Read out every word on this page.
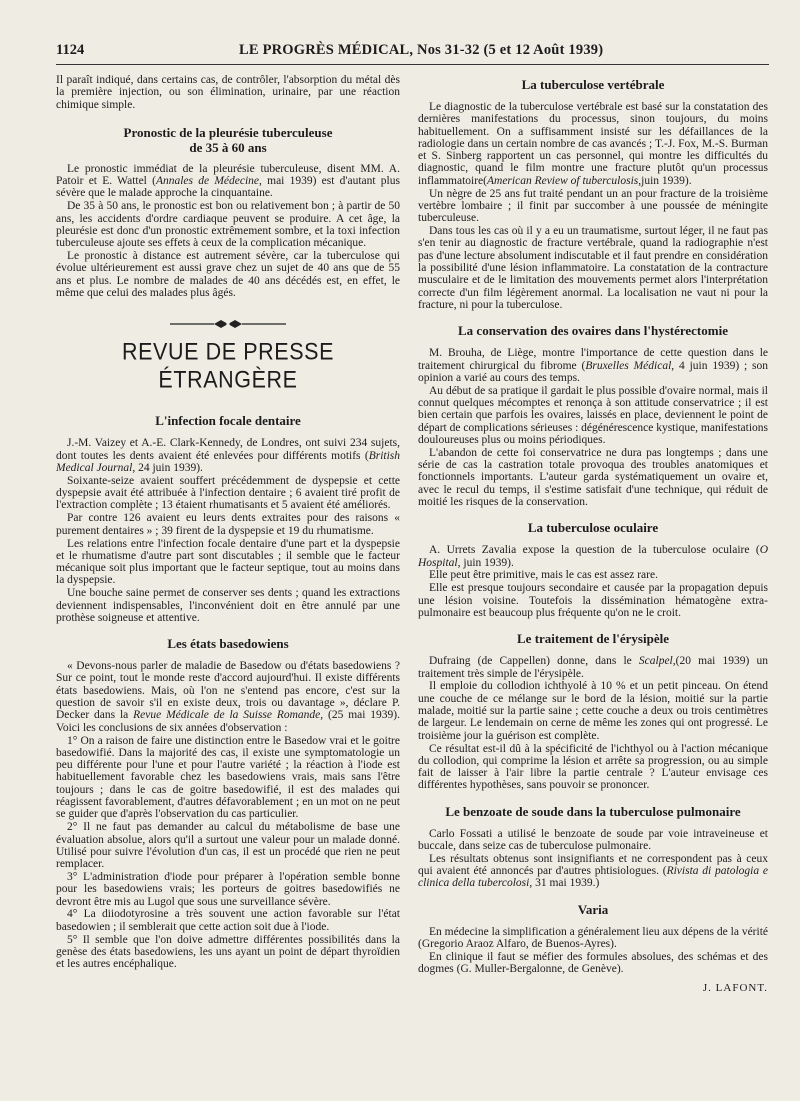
1124	LE PROGRÈS MÉDICAL, Nos 31-32 (5 et 12 Août 1939)

Il paraît indiqué, dans certains cas, de contrôler, l'absorption du métal dès la première injection, ou son élimination, urinaire, par une réaction chimique simple.

Pronostic de la pleurésie tuberculeuse
de 35 à 60 ans

Le pronostic immédiat de la pleurésie tuberculeuse, disent MM. A. Patoir et E. Wattel (Annales de Médecine, mai 1939) est d'autant plus sévère que le malade approche la cinquantaine.

De 35 à 50 ans, le pronostic est bon ou relativement bon ; à partir de 50 ans, les accidents d'ordre cardiaque peuvent se produire. A cet âge, la pleurésie est donc d'un pronostic extrêmement sombre, et la toxi infection tuberculeuse ajoute ses effets à ceux de la complication mécanique.

Le pronostic à distance est autrement sévère, car la tuberculose qui évolue ultérieurement est aussi grave chez un sujet de 40 ans que de 55 ans et plus. Le nombre de malades de 40 ans décédés est, en effet, le même que celui des malades plus âgés.

REVUE DE PRESSE ÉTRANGÈRE
L'infection focale dentaire

J.-M. Vaizey et A.-E. Clark-Kennedy, de Londres, ont suivi 234 sujets, dont toutes les dents avaient été enlevées pour différents motifs (British Medical Journal, 24 juin 1939).

Soixante-seize avaient souffert précédemment de dyspepsie et cette dyspepsie avait été attribuée à l'infection dentaire ; 6 avaient tiré profit de l'extraction complète ; 13 étaient rhumatisants et 5 avaient été améliorés.

Par contre 126 avaient eu leurs dents extraites pour des raisons « purement dentaires » ; 39 firent de la dyspepsie et 19 du rhumatisme.

Les relations entre l'infection focale dentaire d'une part et la dyspepsie et le rhumatisme d'autre part sont discutables ; il semble que le facteur mécanique soit plus important que le facteur septique, tout au moins dans la dyspepsie.

Une bouche saine permet de conserver ses dents ; quand les extractions deviennent indispensables, l'inconvénient doit en être annulé par une prothèse soigneuse et attentive.

Les états basedowiens

« Devons-nous parler de maladie de Basedow ou d'états basedowiens ? Sur ce point, tout le monde reste d'accord aujourd'hui. Il existe différents états basedowiens. Mais, où l'on ne s'entend pas encore, c'est sur la question de savoir s'il en existe deux, trois ou davantage », déclare P. Decker dans la Revue Médicale de la Suisse Romande, (25 mai 1939). Voici les conclusions de six années d'observation :

1° On a raison de faire une distinction entre le Basedow vrai et le goitre basedowifié. Dans la majorité des cas, il existe une symptomatologie un peu différente pour l'une et pour l'autre variété ; la réaction à l'iode est habituellement favorable chez les basedowiens vrais, mais sans l'être toujours ; dans le cas de goitre basedowifié, il est des malades qui réagissent favorablement, d'autres défavorablement ; en un mot on ne peut se guider que d'après l'observation du cas particulier.

2° Il ne faut pas demander au calcul du métabolisme de base une évaluation absolue, alors qu'il a surtout une valeur pour un malade donné. Utilisé pour suivre l'évolution d'un cas, il est un procédé que rien ne peut remplacer.

3° L'administration d'iode pour préparer à l'opération semble bonne pour les basedowiens vrais; les porteurs de goitres basedowifiés ne devront être mis au Lugol que sous une surveillance sévère.

4° La diiodotyrosine a très souvent une action favorable sur l'état basedowien ; il semblerait que cette action soit due à l'iode.

5° Il semble que l'on doive admettre différentes possibilités dans la genèse des états basedowiens, les uns ayant un point de départ thyroïdien et les autres encéphalique.

La tuberculose vertébrale

Le diagnostic de la tuberculose vertébrale est basé sur la constatation des dernières manifestations du processus, sinon toujours, du moins habituellement. On a suffisamment insisté sur les défaillances de la radiologie dans un certain nombre de cas avancés ; T.-J. Fox, M.-S. Burman et S. Sinberg rapportent un cas personnel, qui montre les difficultés du diagnostic, quand le film montre une fracture plutôt qu'un processus inflammatoire(American Review of tuberculosis,juin 1939).

Un nègre de 25 ans fut traité pendant un an pour fracture de la troisième vertèbre lombaire ; il finit par succomber à une poussée de méningite tuberculeuse.

Dans tous les cas où il y a eu un traumatisme, surtout léger, il ne faut pas s'en tenir au diagnostic de fracture vertébrale, quand la radiographie n'est pas d'une lecture absolument indiscutable et il faut prendre en considération la possibilité d'une lésion inflammatoire. La constatation de la contracture musculaire et de le limitation des mouvements permet alors l'interprétation correcte d'un film légèrement anormal. La localisation ne vaut ni pour la fracture, ni pour la tuberculose.

La conservation des ovaires dans l'hystérectomie

M. Brouha, de Liège, montre l'importance de cette question dans le traitement chirurgical du fibrome (Bruxelles Médical, 4 juin 1939) ; son opinion a varié au cours des temps.

Au début de sa pratique il gardait le plus possible d'ovaire normal, mais il connut quelques mécomptes et renonça à son attitude conservatrice ; il est bien certain que parfois les ovaires, laissés en place, deviennent le point de départ de complications sérieuses : dégénérescence kystique, manifestations douloureuses plus ou moins périodiques.

L'abandon de cette foi conservatrice ne dura pas longtemps ; dans une série de cas la castration totale provoqua des troubles anatomiques et fonctionnels importants. L'auteur garda systématiquement un ovaire et, avec le recul du temps, il s'estime satisfait d'une technique, qui réduit de moitié les risques de la conservation.

La tuberculose oculaire

A. Urrets Zavalia expose la question de la tuberculose oculaire (O Hospital, juin 1939).

Elle peut être primitive, mais le cas est assez rare.

Elle est presque toujours secondaire et causée par la propagation depuis une lésion voisine. Toutefois la dissémination hématogène extra-pulmonaire est beaucoup plus fréquente qu'on ne le croit.

Le traitement de l'érysipèle

Dufraing (de Cappellen) donne, dans le Scalpel,(20 mai 1939) un traitement très simple de l'érysipèle.

Il emploie du collodion ichthyolé à 10 % et un petit pinceau. On étend une couche de ce mélange sur le bord de la lésion, moitié sur la partie malade, moitié sur la partie saine ; cette couche a deux ou trois centimètres de largeur. Le lendemain on cerne de même les zones qui ont progressé. Le troisième jour la guérison est complète.

Ce résultat est-il dû à la spécificité de l'ichthyol ou à l'action mécanique du collodion, qui comprime la lésion et arrête sa progression, ou au simple fait de laisser à l'air libre la partie centrale ? L'auteur envisage ces différentes hypothèses, sans pouvoir se prononcer.

Le benzoate de soude dans la tuberculose pulmonaire

Carlo Fossati a utilisé le benzoate de soude par voie intraveineuse et buccale, dans seize cas de tuberculose pulmonaire.

Les résultats obtenus sont insignifiants et ne correspondent pas à ceux qui avaient été annoncés par d'autres phtisiologues. (Rivista di patologia e clinica della tubercolosi, 31 mai 1939.)

Varia

En médecine la simplification a généralement lieu aux dépens de la vérité (Gregorio Araoz Alfaro, de Buenos-Ayres).

En clinique il faut se méfier des formules absolues, des schémas et des dogmes (G. Muller-Bergalonne, de Genève).

J. LAFONT.
